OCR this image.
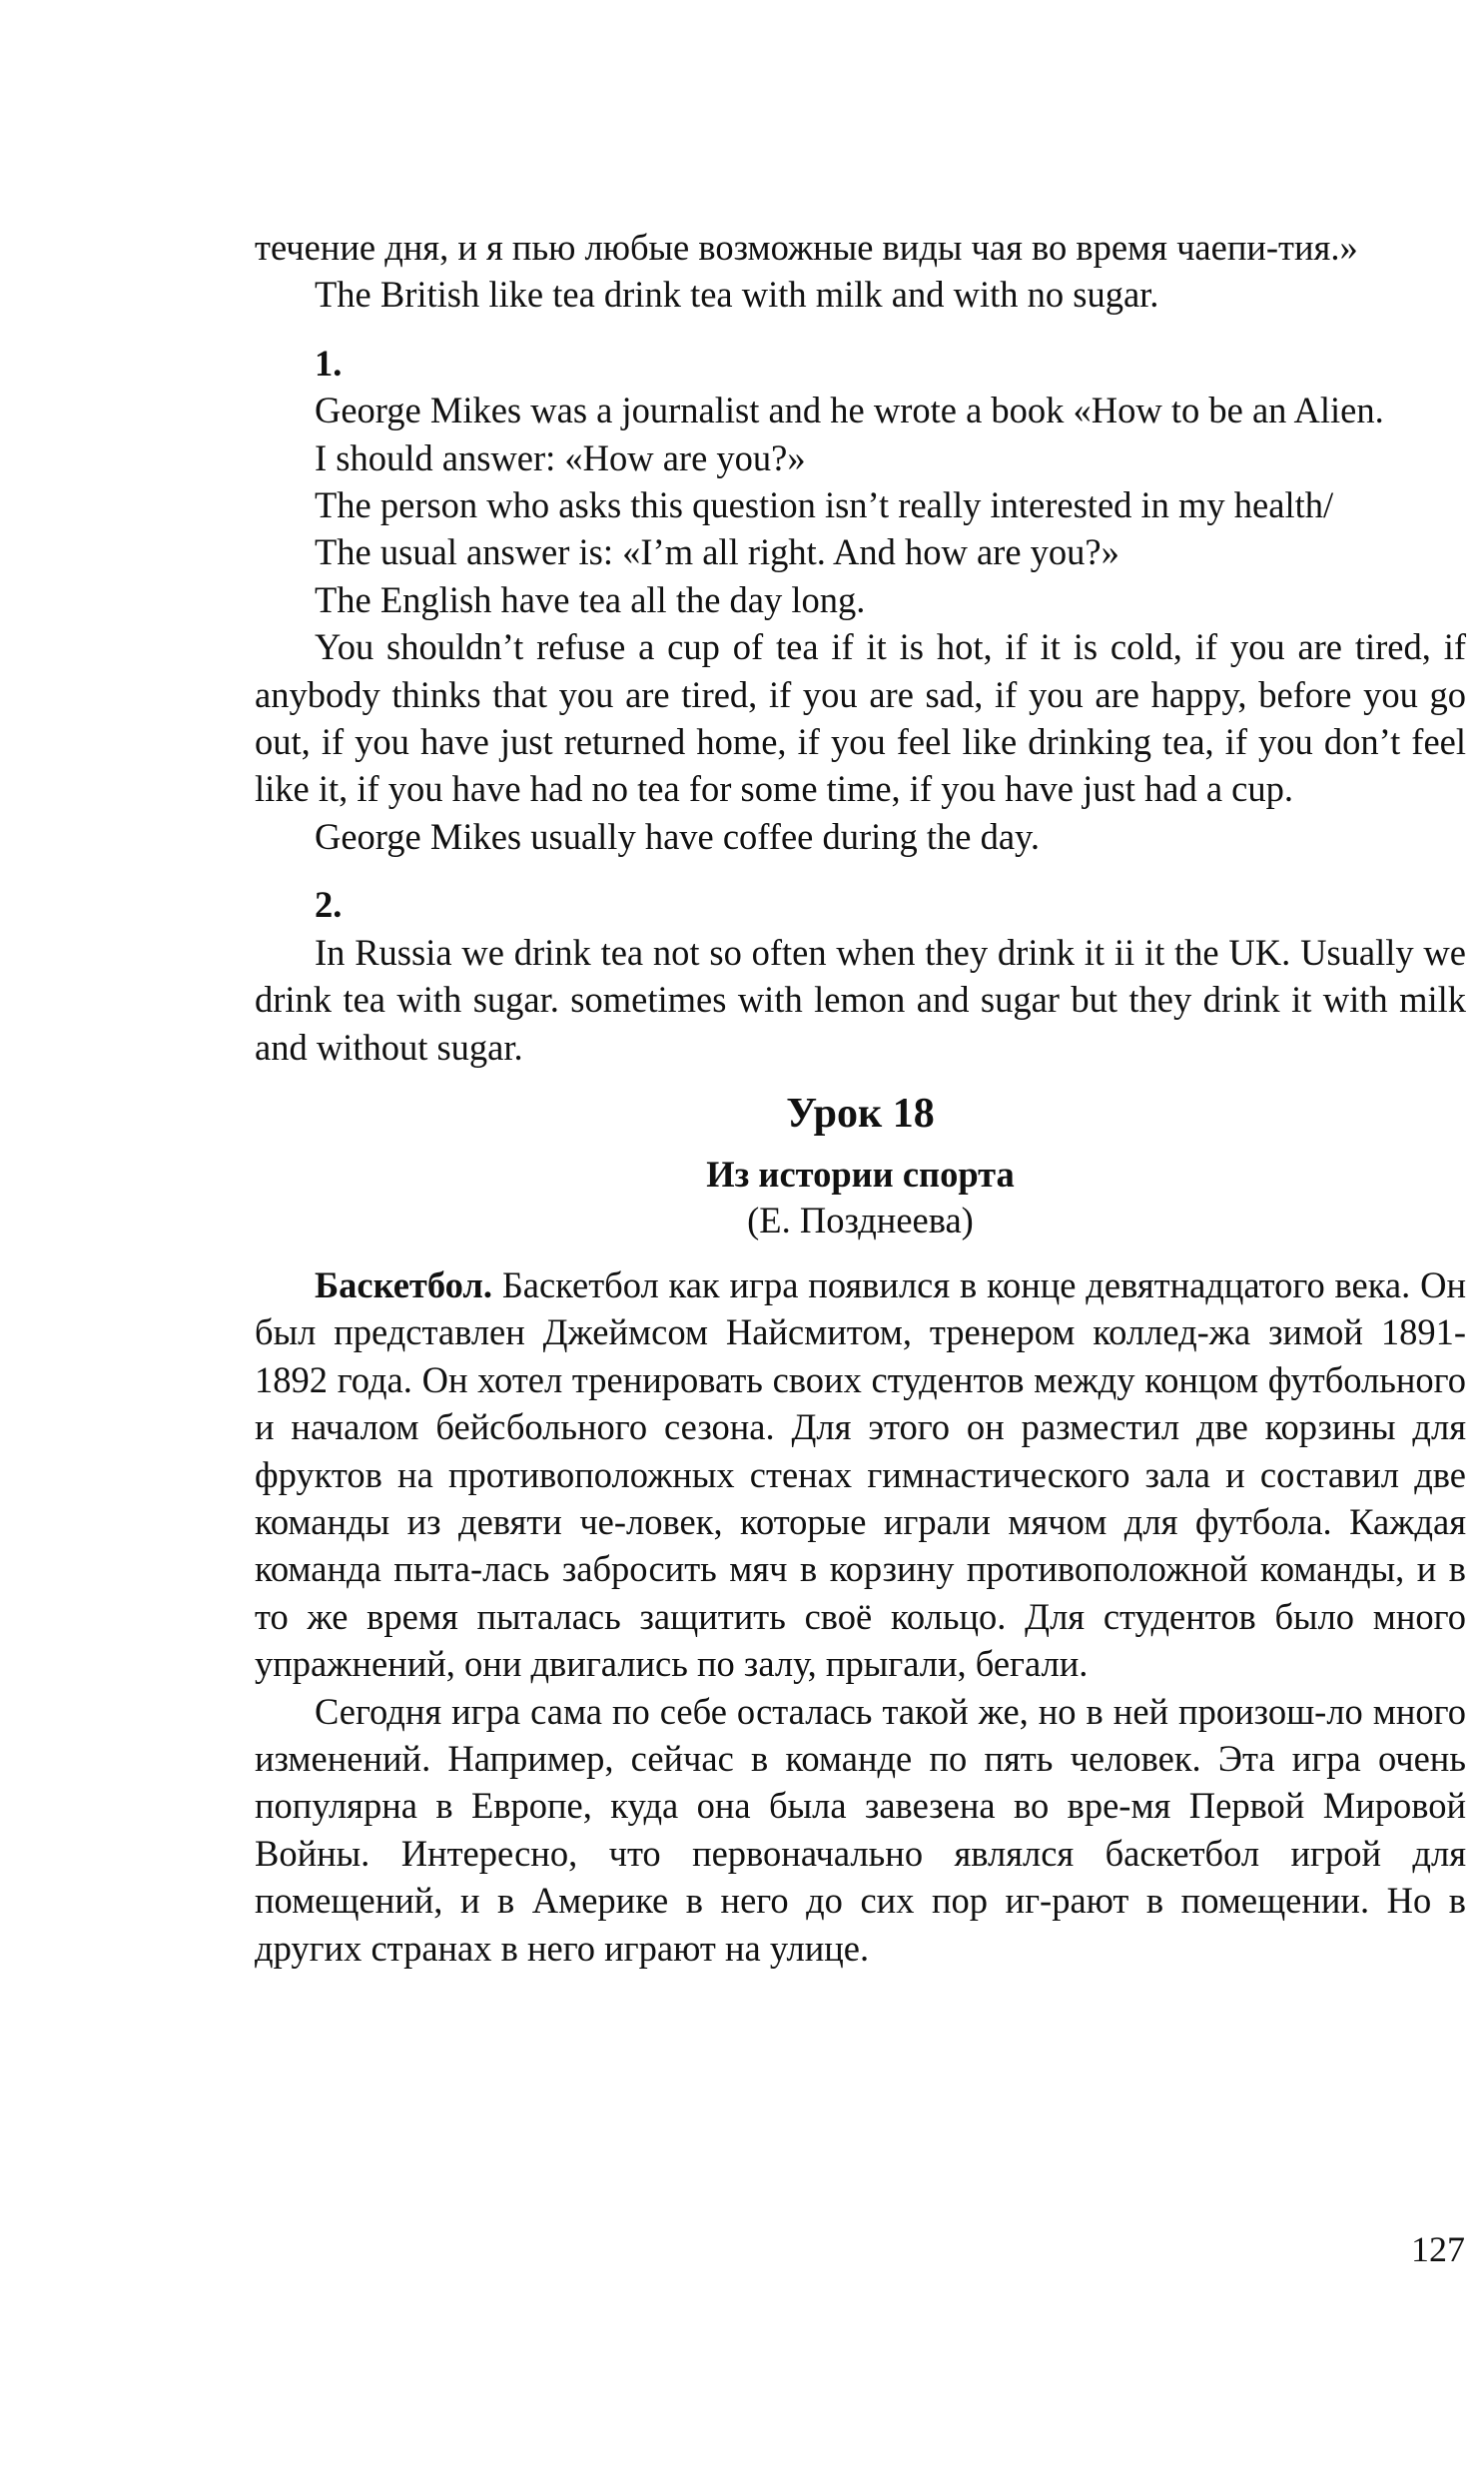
течение дня, и я пью любые возможные виды чая во время чаепи-тия.»

The British like tea drink tea with milk and with no sugar.

1.

George Mikes was a journalist and he wrote a book «How to be an Alien.

I should answer: «How are you?»

The person who asks this question isn’t really interested in my health/

The usual answer is: «I’m all right. And how are you?»

The English have tea all the day long.

You shouldn’t refuse a cup of tea if it is hot, if it is cold, if you are tired, if anybody thinks that you are tired, if you are sad, if you are happy, before you go out, if you have just returned home, if you feel like drinking tea, if you don’t feel like it, if you have had no tea for some time, if you have just had a cup.

George Mikes usually have coffee during the day.

2.

In Russia we drink tea not so often when they drink it ii it the UK. Usually we drink tea with sugar. sometimes with lemon and sugar but they drink it with milk and without sugar.

Урок 18

Из истории спорта

(Е. Позднеева)

Баскетбол. Баскетбол как игра появился в конце девятнадцатого века. Он был представлен Джеймсом Найсмитом, тренером коллед-жа зимой 1891-1892 года. Он хотел тренировать своих студентов между концом футбольного и началом бейсбольного сезона. Для этого он разместил две корзины для фруктов на противоположных стенах гимнастического зала и составил две команды из девяти че-ловек, которые играли мячом для футбола. Каждая команда пыта-лась забросить мяч в корзину противоположной команды, и в то же время пыталась защитить своё кольцо. Для студентов было много упражнений, они двигались по залу, прыгали, бегали.

Сегодня игра сама по себе осталась такой же, но в ней произош-ло много изменений. Например, сейчас в команде по пять человек. Эта игра очень популярна в Европе, куда она была завезена во вре-мя Первой Мировой Войны. Интересно, что первоначально являлся баскетбол игрой для помещений, и в Америке в него до сих пор иг-рают в помещении. Но в других странах в него играют на улице.

127
